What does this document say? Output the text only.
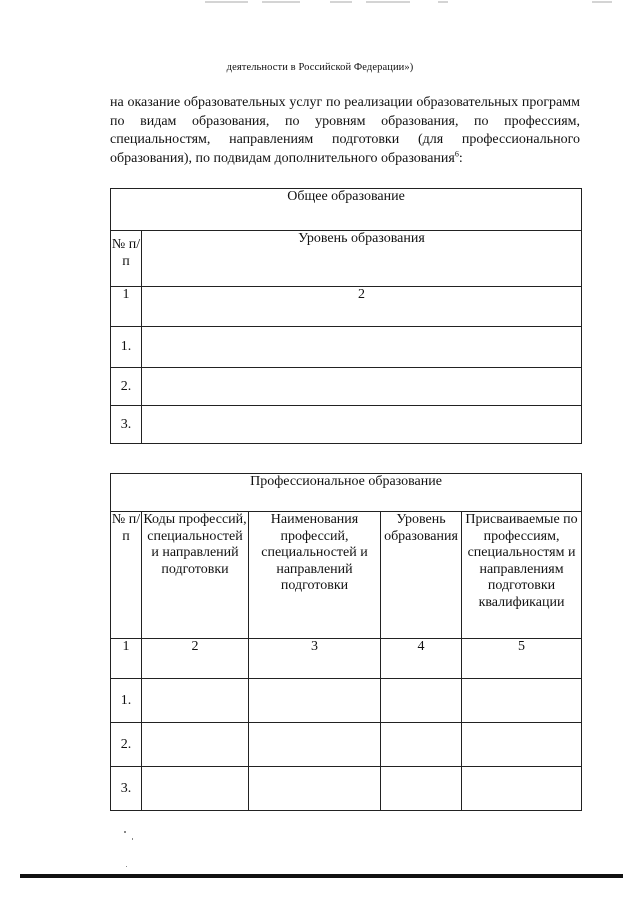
деятельности в Российской Федерации»)

на оказание образовательных услуг по реализации образовательных программ по видам образования, по уровням образования, по профессиям, специальностям, направлениям подготовки (для профессионального образования), по подвидам дополнительного образования$^6$:

Общее образование	
№ п/п	Уровень образования
1	2
1.	
2.	
3.	
Профессиональное образование				
№ п/п	Коды профессий, специальностей и направлений подготовки	Наименования профессий, специальностей и направлений подготовки	Уровень образования	Присваиваемые по профессиям, специальностям и направлениям подготовки квалификации
1	2	3	4	5
1.				
2.				
3.				
